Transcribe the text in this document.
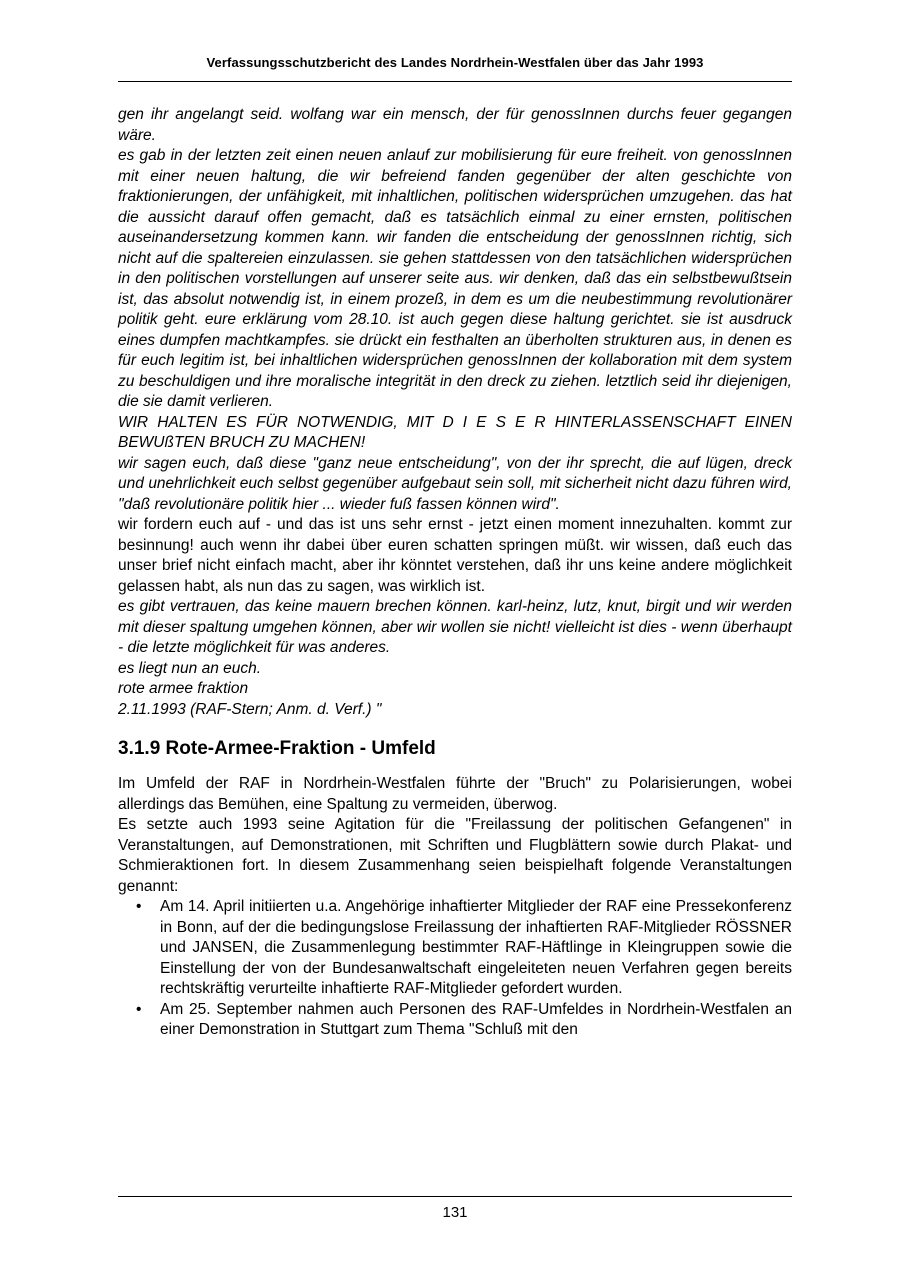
Verfassungsschutzbericht des Landes Nordrhein-Westfalen über das Jahr 1993

gen ihr angelangt seid. wolfang war ein mensch, der für genossInnen durchs feuer gegangen wäre.

es gab in der letzten zeit einen neuen anlauf zur mobilisierung für eure freiheit. von genossInnen mit einer neuen haltung, die wir befreiend fanden gegenüber der alten geschichte von fraktionierungen, der unfähigkeit, mit inhaltlichen, politischen widersprüchen umzugehen. das hat die aussicht darauf offen gemacht, daß es tatsächlich einmal zu einer ernsten, politischen auseinandersetzung kommen kann. wir fanden die entscheidung der genossInnen richtig, sich nicht auf die spaltereien einzulassen. sie gehen stattdessen von den tatsächlichen widersprüchen in den politischen vorstellungen auf unserer seite aus. wir denken, daß das ein selbstbewußtsein ist, das absolut notwendig ist, in einem prozeß, in dem es um die neubestimmung revolutionärer politik geht. eure erklärung vom 28.10. ist auch gegen diese haltung gerichtet. sie ist ausdruck eines dumpfen machtkampfes. sie drückt ein festhalten an überholten strukturen aus, in denen es für euch legitim ist, bei inhaltlichen widersprüchen genossInnen der kollaboration mit dem system zu beschuldigen und ihre moralische integrität in den dreck zu ziehen. letztlich seid ihr diejenigen, die sie damit verlieren.

WIR HALTEN ES FÜR NOTWENDIG, MIT D I E S E R HINTERLASSENSCHAFT EINEN BEWUßTEN BRUCH ZU MACHEN!

wir sagen euch, daß diese "ganz neue entscheidung", von der ihr sprecht, die auf lügen, dreck und unehrlichkeit euch selbst gegenüber aufgebaut sein soll, mit sicherheit nicht dazu führen wird, "daß revolutionäre politik hier ... wieder fuß fassen können wird".

wir fordern euch auf - und das ist uns sehr ernst - jetzt einen moment innezuhalten. kommt zur besinnung! auch wenn ihr dabei über euren schatten springen müßt. wir wissen, daß euch das unser brief nicht einfach macht, aber ihr könntet verstehen, daß ihr uns keine andere möglichkeit gelassen habt, als nun das zu sagen, was wirklich ist.

es gibt vertrauen, das keine mauern brechen können. karl-heinz, lutz, knut, birgit und wir werden mit dieser spaltung umgehen können, aber wir wollen sie nicht! vielleicht ist dies - wenn überhaupt - die letzte möglichkeit für was anderes.

es liegt nun an euch.

rote armee fraktion

2.11.1993 (RAF-Stern; Anm. d. Verf.) "

3.1.9 Rote-Armee-Fraktion - Umfeld

Im Umfeld der RAF in Nordrhein-Westfalen führte der "Bruch" zu Polarisierungen, wobei allerdings das Bemühen, eine Spaltung zu vermeiden, überwog.

Es setzte auch 1993 seine Agitation für die "Freilassung der politischen Gefangenen" in Veranstaltungen, auf Demonstrationen, mit Schriften und Flugblättern sowie durch Plakat- und Schmieraktionen fort. In diesem Zusammenhang seien beispielhaft folgende Veranstaltungen genannt:

• Am 14. April initiierten u.a. Angehörige inhaftierter Mitglieder der RAF eine Pressekonferenz in Bonn, auf der die bedingungslose Freilassung der inhaftierten RAF-Mitglieder RÖSSNER und JANSEN, die Zusammenlegung bestimmter RAF-Häftlinge in Kleingruppen sowie die Einstellung der von der Bundesanwaltschaft eingeleiteten neuen Verfahren gegen bereits rechtskräftig verurteilte inhaftierte RAF-Mitglieder gefordert wurden.
• Am 25. September nahmen auch Personen des RAF-Umfeldes in Nordrhein-Westfalen an einer Demonstration in Stuttgart zum Thema "Schluß mit den
131
